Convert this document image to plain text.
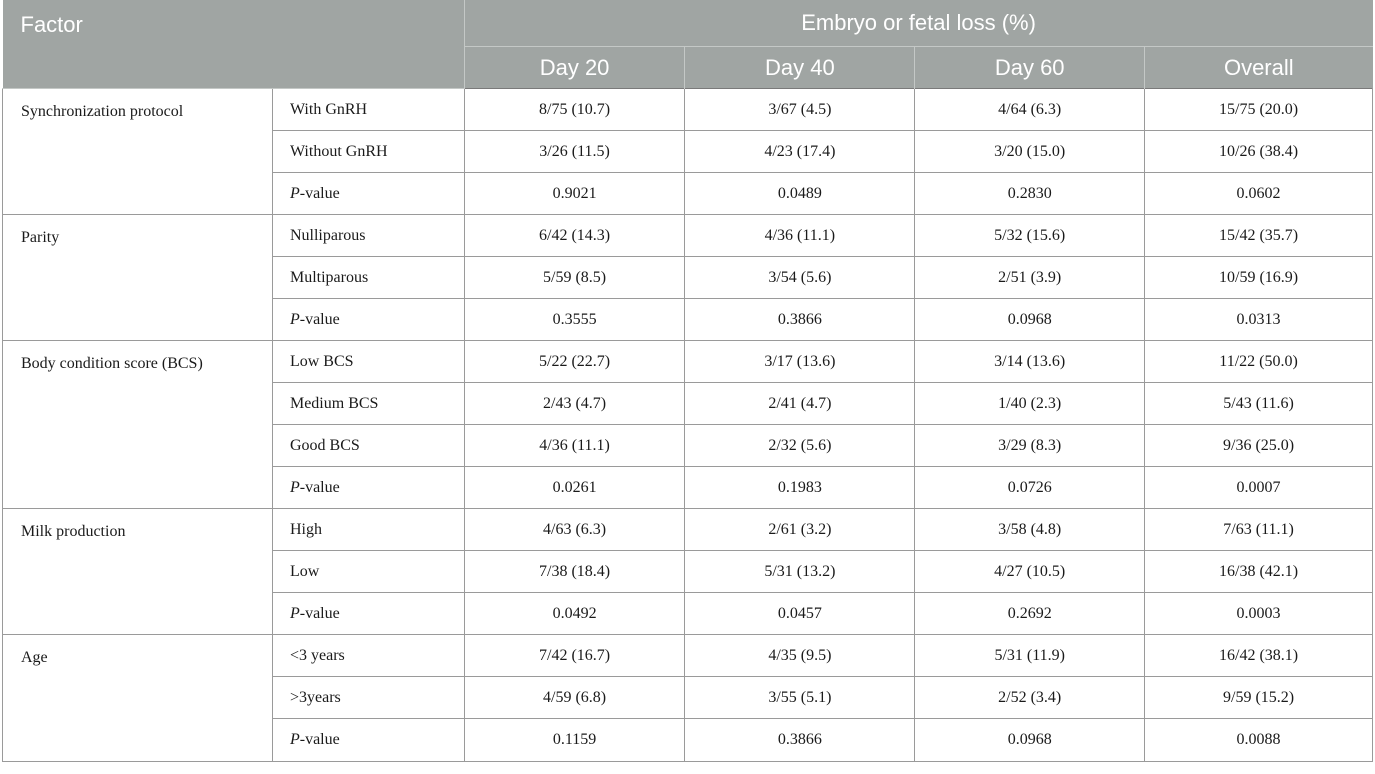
Factor		Embryo or fetal loss (%)			
		Day 20	Day 40	Day 60	Overall
Synchronization protocol	With GnRH	8/75 (10.7)	3/67 (4.5)	4/64 (6.3)	15/75 (20.0)
	Without GnRH	3/26 (11.5)	4/23 (17.4)	3/20 (15.0)	10/26 (38.4)
	P-value	0.9021	0.0489	0.2830	0.0602
Parity	Nulliparous	6/42 (14.3)	4/36 (11.1)	5/32 (15.6)	15/42 (35.7)
	Multiparous	5/59 (8.5)	3/54 (5.6)	2/51 (3.9)	10/59 (16.9)
	P-value	0.3555	0.3866	0.0968	0.0313
Body condition score (BCS)	Low BCS	5/22 (22.7)	3/17 (13.6)	3/14 (13.6)	11/22 (50.0)
	Medium BCS	2/43 (4.7)	2/41 (4.7)	1/40 (2.3)	5/43 (11.6)
	Good BCS	4/36 (11.1)	2/32 (5.6)	3/29 (8.3)	9/36 (25.0)
	P-value	0.0261	0.1983	0.0726	0.0007
Milk production	High	4/63 (6.3)	2/61 (3.2)	3/58 (4.8)	7/63 (11.1)
	Low	7/38 (18.4)	5/31 (13.2)	4/27 (10.5)	16/38 (42.1)
	P-value	0.0492	0.0457	0.2692	0.0003
Age	<3 years	7/42 (16.7)	4/35 (9.5)	5/31 (11.9)	16/42 (38.1)
	>3years	4/59 (6.8)	3/55 (5.1)	2/52 (3.4)	9/59 (15.2)
	P-value	0.1159	0.3866	0.0968	0.0088
